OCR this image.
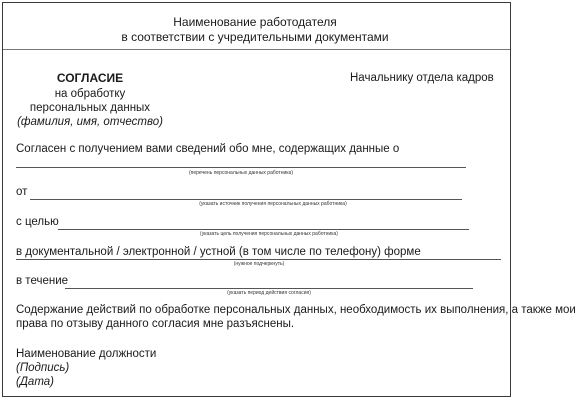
Наименование работодателя
в соответствии с учредительными документами
СОГЛАСИЕ
на обработку
персональных данных
(фамилия, имя, отчество)
Начальнику отдела кадров
Согласен с получением вами сведений обо мне, содержащих данные о
(перечень персональных данных работника)
от
(указать источник получения персональных данных работника)
с целью
(указать цель получения персональных данных работника)
в документальной / электронной / устной (в том числе по телефону) форме
(нужное подчеркнуть)
в течение
(указать период действия согласия)
Содержание действий по обработке персональных данных, необходимость их выполнения, а также мои
права по отзыву данного согласия мне разъяснены.
Наименование должности
(Подпись)
(Дата)
